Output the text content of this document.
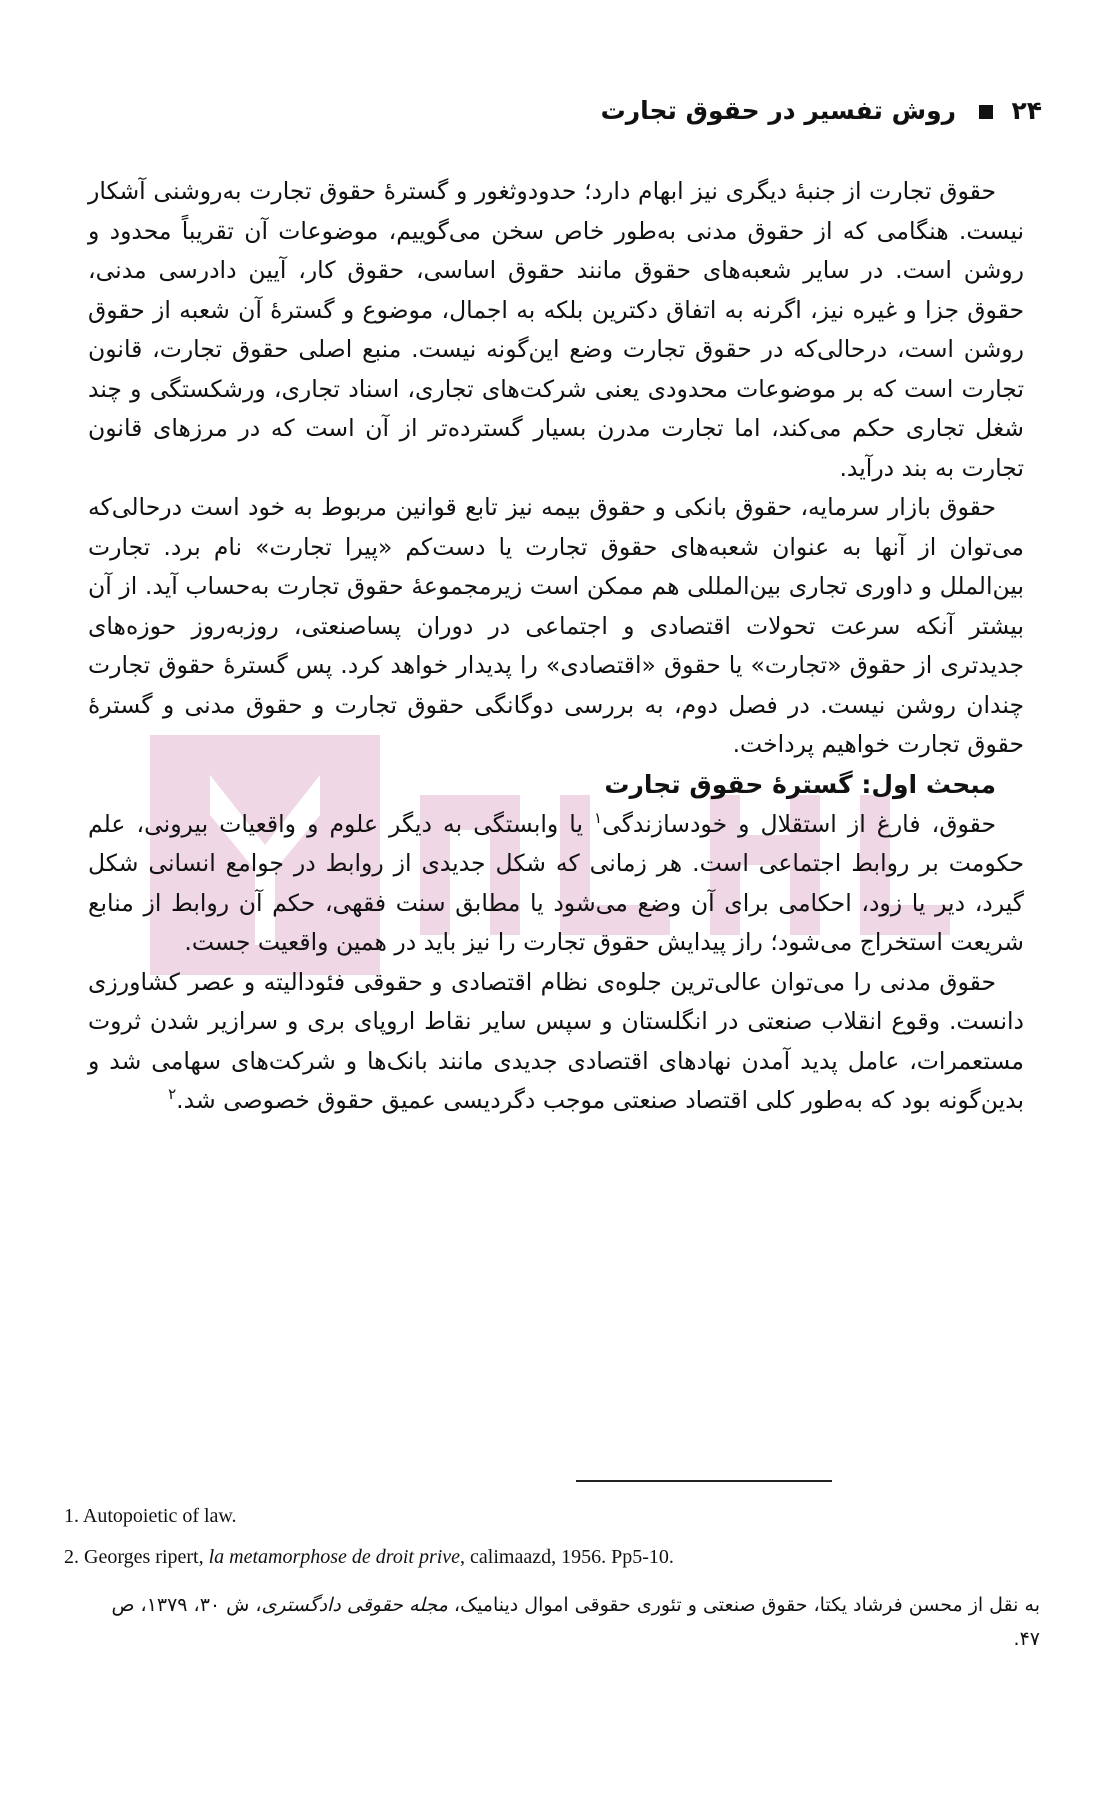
۲۴  روش تفسیر در حقوق تجارت

حقوق تجارت از جنبهٔ دیگری نیز ابهام دارد؛ حدودوثغور و گسترهٔ حقوق تجارت به‌روشنی آشکار نیست. هنگامی که از حقوق مدنی به‌طور خاص سخن می‌گوییم، موضوعات آن تقریباً محدود و روشن است. در سایر شعبه‌های حقوق مانند حقوق اساسی، حقوق کار، آیین دادرسی مدنی، حقوق جزا و غیره نیز، اگرنه به اتفاق دکترین بلکه به اجمال، موضوع و گسترهٔ آن شعبه از حقوق روشن است، درحالی‌که در حقوق تجارت وضع این‌گونه نیست. منبع اصلی حقوق تجارت، قانون تجارت است که بر موضوعات محدودی یعنی شرکت‌های تجاری، اسناد تجاری، ورشکستگی و چند شغل تجاری حکم می‌کند، اما تجارت مدرن بسیار گسترده‌تر از آن است که در مرزهای قانون تجارت به بند درآید.

حقوق بازار سرمایه، حقوق بانکی و حقوق بیمه نیز تابع قوانین مربوط به خود است درحالی‌که می‌توان از آنها به عنوان شعبه‌های حقوق تجارت یا دست‌کم «پیرا تجارت» نام برد. تجارت بین‌الملل و داوری تجاری بین‌المللی هم ممکن است زیرمجموعهٔ حقوق تجارت به‌حساب آید. از آن بیشتر آنکه سرعت تحولات اقتصادی و اجتماعی در دوران پساصنعتی، روزبه‌روز حوزه‌های جدیدتری از حقوق «تجارت» یا حقوق «اقتصادی» را پدیدار خواهد کرد. پس گسترهٔ حقوق تجارت چندان روشن نیست. در فصل دوم، به بررسی دوگانگی حقوق تجارت و حقوق مدنی و گسترهٔ حقوق تجارت خواهیم پرداخت.

مبحث اول: گسترهٔ حقوق تجارت

حقوق، فارغ از استقلال و خودسازندگی$^۱$ یا وابستگی به دیگر علوم و واقعیات بیرونی، علم حکومت بر روابط اجتماعی است. هر زمانی که شکل جدیدی از روابط در جوامع انسانی شکل گیرد، دیر یا زود، احکامی برای آن وضع می‌شود یا مطابق سنت فقهی، حکم آن روابط از منابع شریعت استخراج می‌شود؛ راز پیدایش حقوق تجارت را نیز باید در همین واقعیت جست.

حقوق مدنی را می‌توان عالی‌ترین جلوه‌ی نظام اقتصادی و حقوقی فئودالیته و عصر کشاورزی دانست. وقوع انقلاب صنعتی در انگلستان و سپس سایر نقاط اروپای بری و سرازیر شدن ثروت مستعمرات، عامل پدید آمدن نهادهای اقتصادی جدیدی مانند بانک‌ها و شرکت‌های سهامی شد و بدین‌گونه بود که به‌طور کلی اقتصاد صنعتی موجب دگردیسی عمیق حقوق خصوصی شد.$^۲$

1. Autopoietic of law.
2. Georges ripert, la metamorphose de droit prive, calimaazd, 1956. Pp5-10.
به نقل از محسن فرشاد یکتا، حقوق صنعتی و تئوری حقوقی اموال دینامیک، مجله حقوقی دادگستری، ش ۳۰، ۱۳۷۹، ص ۴۷.
